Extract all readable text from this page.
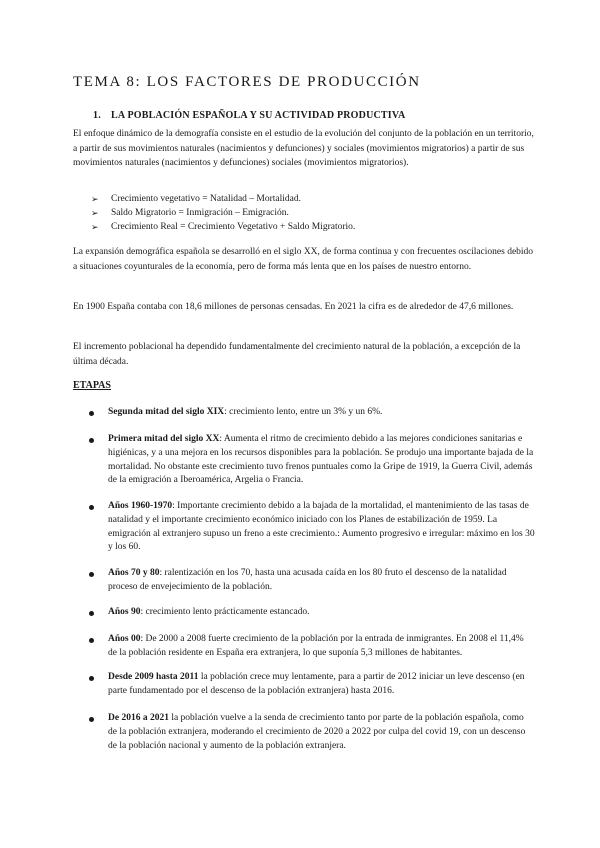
TEMA 8: LOS FACTORES DE PRODUCCIÓN
1. LA POBLACIÓN ESPAÑOLA Y SU ACTIVIDAD PRODUCTIVA

El enfoque dinámico de la demografía consiste en el estudio de la evolución del conjunto de la población en un territorio, a partir de sus movimientos naturales (nacimientos y defunciones) y sociales (movimientos migratorios) a partir de sus movimientos naturales (nacimientos y defunciones) sociales (movimientos migratorios).

➢ Crecimiento vegetativo = Natalidad – Mortalidad.
➢ Saldo Migratorio = Inmigración – Emigración.
➢ Crecimiento Real = Crecimiento Vegetativo + Saldo Migratorio.

La expansión demográfica española se desarrolló en el siglo XX, de forma continua y con frecuentes oscilaciones debido a situaciones coyunturales de la economía, pero de forma más lenta que en los países de nuestro entorno.

En 1900 España contaba con 18,6 millones de personas censadas. En 2021 la cifra es de alrededor de 47,6 millones.

El incremento poblacional ha dependido fundamentalmente del crecimiento natural de la población, a excepción de la última década.

ETAPAS
Segunda mitad del siglo XIX: crecimiento lento, entre un 3% y un 6%.
Primera mitad del siglo XX: Aumenta el ritmo de crecimiento debido a las mejores condiciones sanitarias e higiénicas, y a una mejora en los recursos disponibles para la población. Se produjo una importante bajada de la mortalidad. No obstante este crecimiento tuvo frenos puntuales como la Gripe de 1919, la Guerra Civil, además de la emigración a Iberoamérica, Argelia o Francia.
Años 1960-1970: Importante crecimiento debido a la bajada de la mortalidad, el mantenimiento de las tasas de natalidad y el importante crecimiento económico iniciado con los Planes de estabilización de 1959. La emigración al extranjero supuso un freno a este crecimiento.: Aumento progresivo e irregular: máximo en los 30 y los 60.
Años 70 y 80: ralentización en los 70, hasta una acusada caída en los 80 fruto el descenso de la natalidad proceso de envejecimiento de la población.
Años 90: crecimiento lento prácticamente estancado.
Años 00: De 2000 a 2008 fuerte crecimiento de la población por la entrada de inmigrantes. En 2008 el 11,4% de la población residente en España era extranjera, lo que suponía 5,3 millones de habitantes.
Desde 2009 hasta 2011 la población crece muy lentamente, para a partir de 2012 iniciar un leve descenso (en parte fundamentado por el descenso de la población extranjera) hasta 2016.
De 2016 a 2021 la población vuelve a la senda de crecimiento tanto por parte de la población española, como de la población extranjera, moderando el crecimiento de 2020 a 2022 por culpa del covid 19, con un descenso de la población nacional y aumento de la población extranjera.
